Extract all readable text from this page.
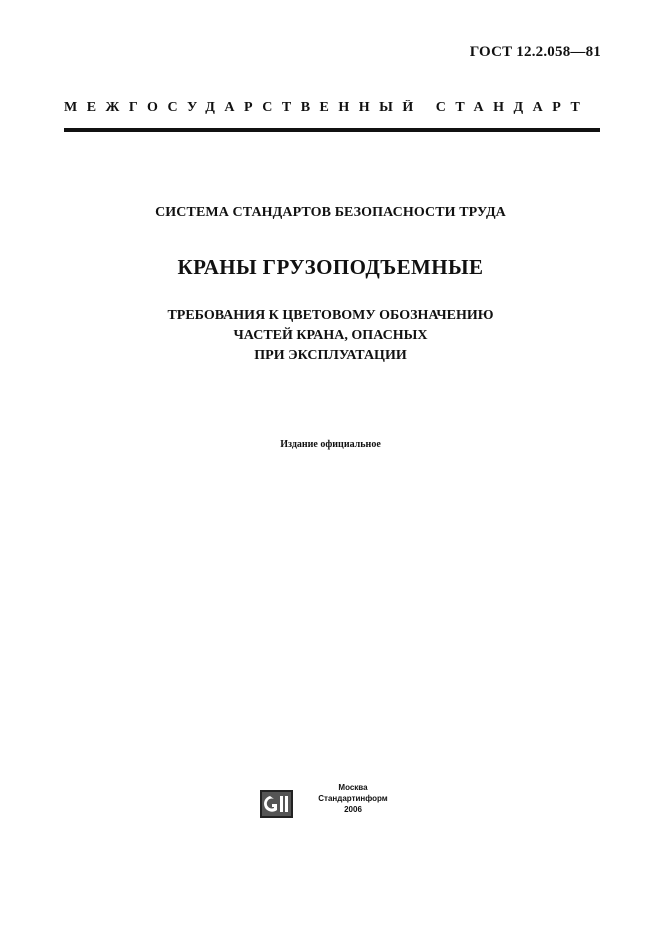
ГОСТ 12.2.058—81
МЕЖГОСУДАРСТВЕННЫЙ СТАНДАРТ
СИСТЕМА СТАНДАРТОВ БЕЗОПАСНОСТИ ТРУДА
КРАНЫ ГРУЗОПОДЪЕМНЫЕ
ТРЕБОВАНИЯ К ЦВЕТОВОМУ ОБОЗНАЧЕНИЮ
ЧАСТЕЙ КРАНА, ОПАСНЫХ
ПРИ ЭКСПЛУАТАЦИИ
Издание официальное
Москва
Стандартинформ
2006
